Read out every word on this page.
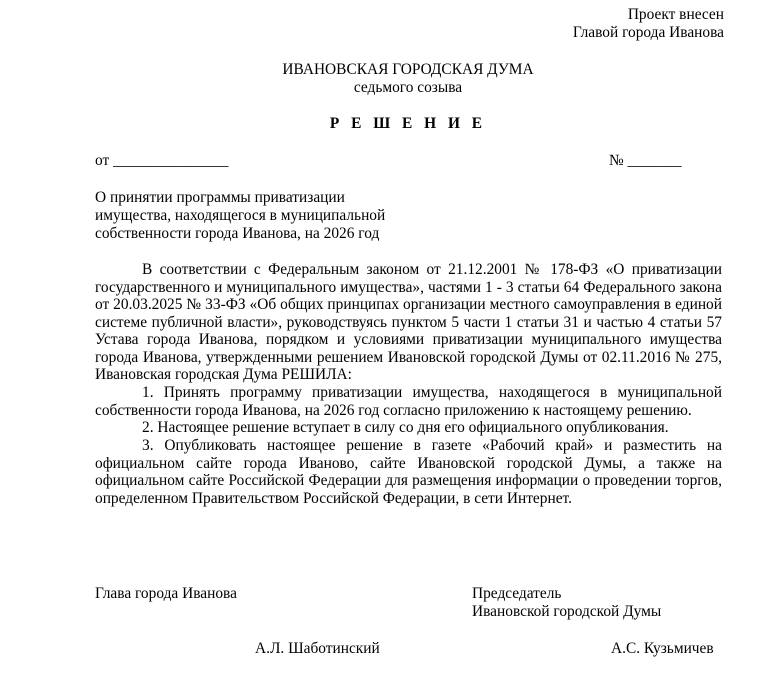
Проект внесен
Главой города Иванова
ИВАНОВСКАЯ ГОРОДСКАЯ ДУМА
седьмого созыва
Р Е Ш Е Н И Е
от _______________	№ _______
О принятии программы приватизации
имущества, находящегося в муниципальной
собственности города Иванова, на 2026 год

В соответствии с Федеральным законом от 21.12.2001 № 178-ФЗ «О приватизации государственного и муниципального имущества», частями 1 - 3 статьи 64 Федерального закона от 20.03.2025 № 33-ФЗ «Об общих принципах организации местного самоуправления в единой системе публичной власти», руководствуясь пунктом 5 части 1 статьи 31 и частью 4 статьи 57 Устава города Иванова, порядком и условиями приватизации муниципального имущества города Иванова, утвержденными решением Ивановской городской Думы от 02.11.2016 № 275, Ивановская городская Дума РЕШИЛА:

1. Принять программу приватизации имущества, находящегося в муниципальной собственности города Иванова, на 2026 год согласно приложению к настоящему решению.

2. Настоящее решение вступает в силу со дня его официального опубликования.

3. Опубликовать настоящее решение в газете «Рабочий край» и разместить на официальном сайте города Иваново, сайте Ивановской городской Думы, а также на официальном сайте Российской Федерации для размещения информации о проведении торгов, определенном Правительством Российской Федерации, в сети Интернет.

Глава города Иванова	Председатель
Ивановской городской Думы
А.Л. Шаботинский	А.С. Кузьмичев
